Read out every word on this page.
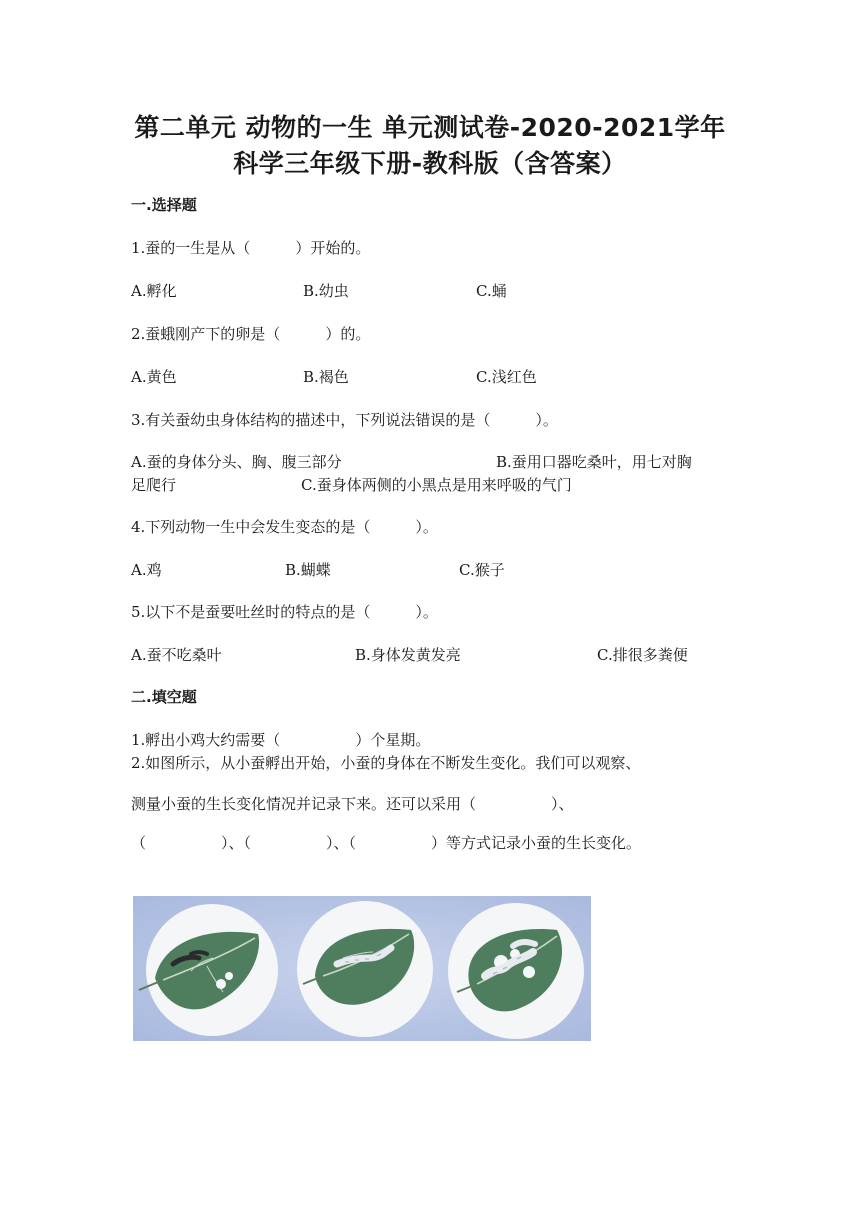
第二单元 动物的一生 单元测试卷-2020-2021学年
科学三年级下册-教科版（含答案）
一.选择题
1.蚕的一生是从（　　　）开始的。
A.孵化	B.幼虫	C.蛹
2.蚕蛾刚产下的卵是（　　　）的。
A.黄色	B.褐色	C.浅红色
3.有关蚕幼虫身体结构的描述中，下列说法错误的是（　　　）。
A.蚕的身体分头、胸、腹三部分	B.蚕用口器吃桑叶，用七对胸
足爬行	C.蚕身体两侧的小黑点是用来呼吸的气门
4.下列动物一生中会发生变态的是（　　　）。
A.鸡	B.蝴蝶	C.猴子
5.以下不是蚕要吐丝时的特点的是（　　　）。
A.蚕不吃桑叶	B.身体发黄发亮	C.排很多粪便
二.填空题
1.孵出小鸡大约需要（　　　　　）个星期。
2.如图所示，从小蚕孵出开始，小蚕的身体在不断发生变化。我们可以观察、
测量小蚕的生长变化情况并记录下来。还可以采用（　　　　　）、
（　　　　　）、（　　　　　）、（　　　　　）等方式记录小蚕的生长变化。
